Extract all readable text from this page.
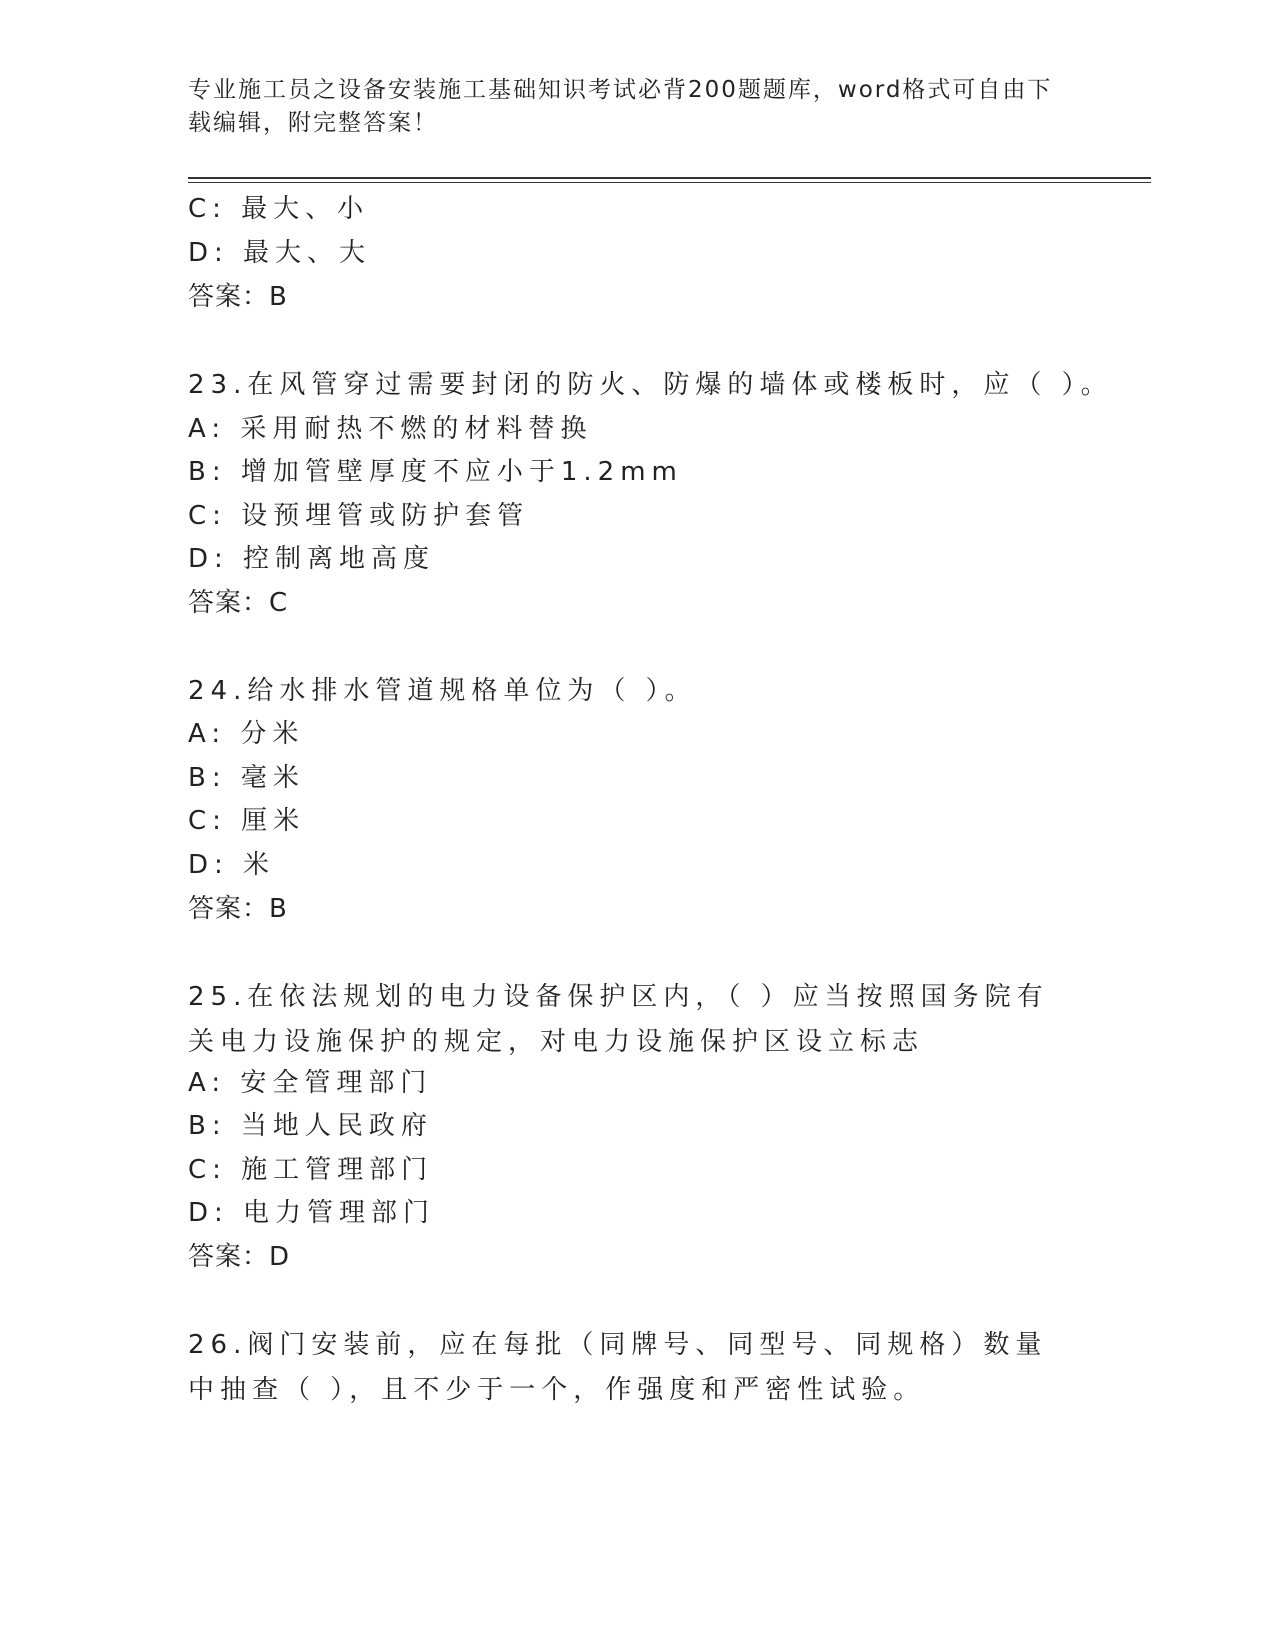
专业施工员之设备安装施工基础知识考试必背200题题库，word格式可自由下载编辑，附完整答案！
C: 最大、小
D: 最大、大
答案：B
23.在风管穿过需要封闭的防火、防爆的墙体或楼板时，应（ ）。
A: 采用耐热不燃的材料替换
B: 增加管壁厚度不应小于1.2mm
C: 设预埋管或防护套管
D: 控制离地高度
答案：C
24.给水排水管道规格单位为（ ）。
A: 分米
B: 毫米
C: 厘米
D: 米
答案：B
25.在依法规划的电力设备保护区内，（ ）应当按照国务院有关电力设施保护的规定，对电力设施保护区设立标志
A: 安全管理部门
B: 当地人民政府
C: 施工管理部门
D: 电力管理部门
答案：D
26.阀门安装前，应在每批（同牌号、同型号、同规格）数量中抽查（ ），且不少于一个，作强度和严密性试验。
